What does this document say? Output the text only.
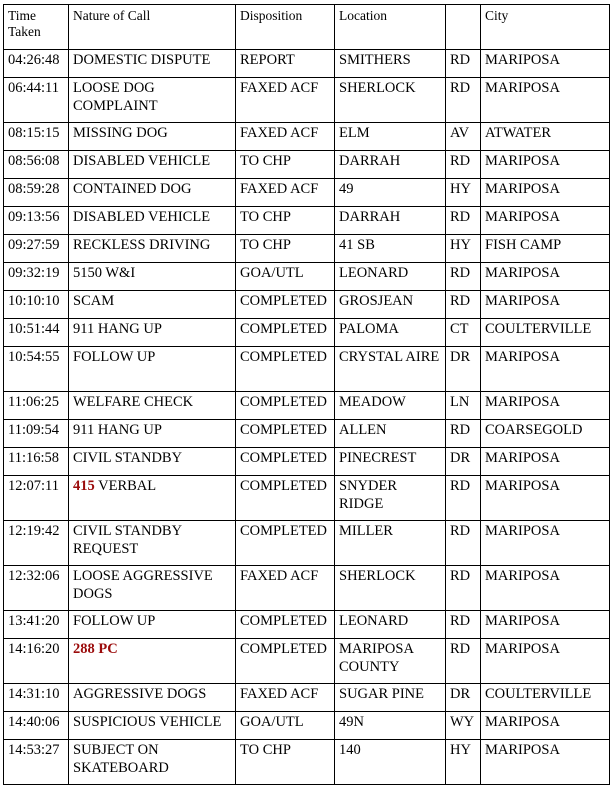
Time Taken	Nature of Call	Disposition	Location		City
04:26:48	DOMESTIC DISPUTE	REPORT	SMITHERS	RD	MARIPOSA
06:44:11	LOOSE DOG COMPLAINT	FAXED ACF	SHERLOCK	RD	MARIPOSA
08:15:15	MISSING DOG	FAXED ACF	ELM	AV	ATWATER
08:56:08	DISABLED VEHICLE	TO CHP	DARRAH	RD	MARIPOSA
08:59:28	CONTAINED DOG	FAXED ACF	49	HY	MARIPOSA
09:13:56	DISABLED VEHICLE	TO CHP	DARRAH	RD	MARIPOSA
09:27:59	RECKLESS DRIVING	TO CHP	41 SB	HY	FISH CAMP
09:32:19	5150 W&I	GOA/UTL	LEONARD	RD	MARIPOSA
10:10:10	SCAM	COMPLETED	GROSJEAN	RD	MARIPOSA
10:51:44	911 HANG UP	COMPLETED	PALOMA	CT	COULTERVILLE
10:54:55	FOLLOW UP	COMPLETED	CRYSTAL AIRE	DR	MARIPOSA
11:06:25	WELFARE CHECK	COMPLETED	MEADOW	LN	MARIPOSA
11:09:54	911 HANG UP	COMPLETED	ALLEN	RD	COARSEGOLD
11:16:58	CIVIL STANDBY	COMPLETED	PINECREST	DR	MARIPOSA
12:07:11	415 VERBAL	COMPLETED	SNYDER RIDGE	RD	MARIPOSA
12:19:42	CIVIL STANDBY REQUEST	COMPLETED	MILLER	RD	MARIPOSA
12:32:06	LOOSE AGGRESSIVE DOGS	FAXED ACF	SHERLOCK	RD	MARIPOSA
13:41:20	FOLLOW UP	COMPLETED	LEONARD	RD	MARIPOSA
14:16:20	288 PC	COMPLETED	MARIPOSA COUNTY	RD	MARIPOSA
14:31:10	AGGRESSIVE DOGS	FAXED ACF	SUGAR PINE	DR	COULTERVILLE
14:40:06	SUSPICIOUS VEHICLE	GOA/UTL	49N	WY	MARIPOSA
14:53:27	SUBJECT ON SKATEBOARD	TO CHP	140	HY	MARIPOSA
